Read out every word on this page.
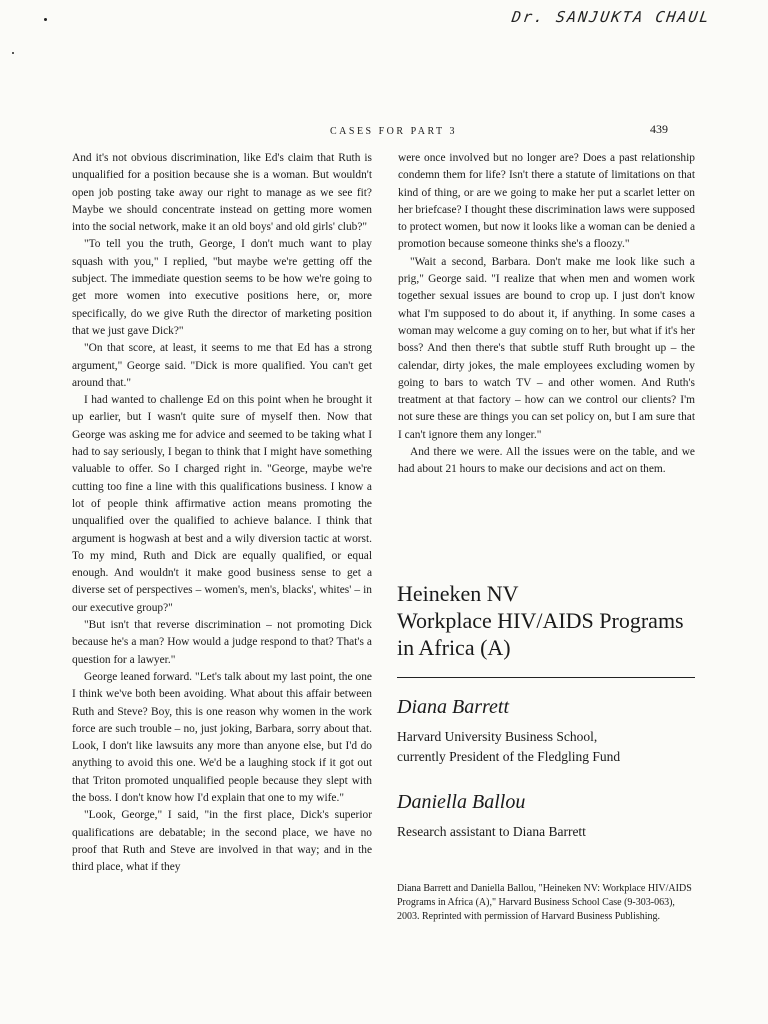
Dr. SANJUKTA CHAUL
CASES FOR PART 3	439

And it's not obvious discrimination, like Ed's claim that Ruth is unqualified for a position because she is a woman. But wouldn't open job posting take away our right to manage as we see fit? Maybe we should concentrate instead on getting more women into the social network, make it an old boys' and old girls' club?"

"To tell you the truth, George, I don't much want to play squash with you," I replied, "but maybe we're getting off the subject. The immediate question seems to be how we're going to get more women into executive positions here, or, more specifically, do we give Ruth the director of marketing position that we just gave Dick?"

"On that score, at least, it seems to me that Ed has a strong argument," George said. "Dick is more qualified. You can't get around that."

I had wanted to challenge Ed on this point when he brought it up earlier, but I wasn't quite sure of myself then. Now that George was asking me for advice and seemed to be taking what I had to say seriously, I began to think that I might have something valuable to offer. So I charged right in. "George, maybe we're cutting too fine a line with this qualifications business. I know a lot of people think affirmative action means promoting the unqualified over the qualified to achieve balance. I think that argument is hogwash at best and a wily diversion tactic at worst. To my mind, Ruth and Dick are equally qualified, or equal enough. And wouldn't it make good business sense to get a diverse set of perspectives – women's, men's, blacks', whites' – in our executive group?"

"But isn't that reverse discrimination – not promoting Dick because he's a man? How would a judge respond to that? That's a question for a lawyer."

George leaned forward. "Let's talk about my last point, the one I think we've both been avoiding. What about this affair between Ruth and Steve? Boy, this is one reason why women in the work force are such trouble – no, just joking, Barbara, sorry about that. Look, I don't like lawsuits any more than anyone else, but I'd do anything to avoid this one. We'd be a laughing stock if it got out that Triton promoted unqualified people because they slept with the boss. I don't know how I'd explain that one to my wife."

"Look, George," I said, "in the first place, Dick's superior qualifications are debatable; in the second place, we have no proof that Ruth and Steve are involved in that way; and in the third place, what if they

were once involved but no longer are? Does a past relationship condemn them for life? Isn't there a statute of limitations on that kind of thing, or are we going to make her put a scarlet letter on her briefcase? I thought these discrimination laws were supposed to protect women, but now it looks like a woman can be denied a promotion because someone thinks she's a floozy."

"Wait a second, Barbara. Don't make me look like such a prig," George said. "I realize that when men and women work together sexual issues are bound to crop up. I just don't know what I'm supposed to do about it, if anything. In some cases a woman may welcome a guy coming on to her, but what if it's her boss? And then there's that subtle stuff Ruth brought up – the calendar, dirty jokes, the male employees excluding women by going to bars to watch TV – and other women. And Ruth's treatment at that factory – how can we control our clients? I'm not sure these are things you can set policy on, but I am sure that I can't ignore them any longer."

And there we were. All the issues were on the table, and we had about 21 hours to make our decisions and act on them.

Heineken NV
Workplace HIV/AIDS Programs
in Africa (A)

Diana Barrett

Harvard University Business School,
currently President of the Fledgling Fund

Daniella Ballou

Research assistant to Diana Barrett

Diana Barrett and Daniella Ballou, "Heineken NV: Workplace HIV/AIDS Programs in Africa (A)," Harvard Business School Case (9-303-063), 2003. Reprinted with permission of Harvard Business Publishing.
